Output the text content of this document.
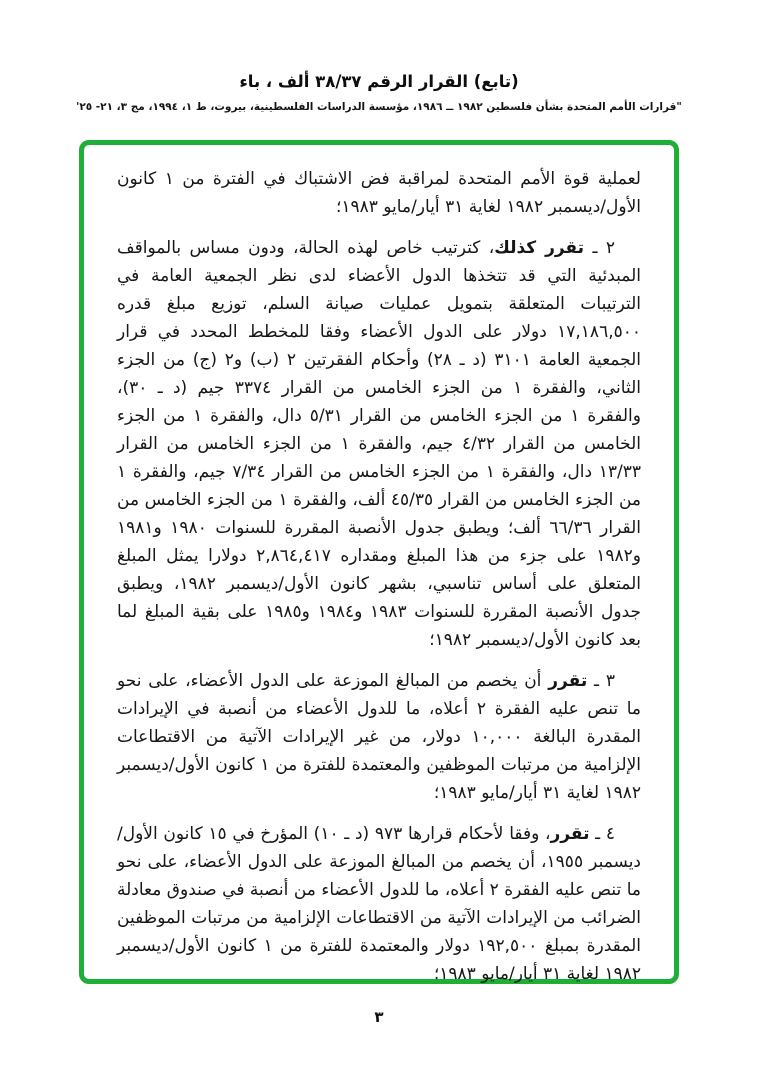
(تابع) القرار الرقم ٣٨/٣٧ ألف ، باء
"قرارات الأمم المتحدة بشأن فلسطين ١٩٨٢ ــ ١٩٨٦، مؤسسة الدراسات الفلسطينية، بيروت، ط ١، ١٩٩٤، مج ٣، ٢١- ٢٥'

لعملية قوة الأمم المتحدة لمراقبة فض الاشتباك في الفترة من ١ كانون الأول/ديسمبر ١٩٨٢ لغاية ٣١ أيار/مايو ١٩٨٣؛

٢ ـ تقرر كذلك، كترتيب خاص لهذه الحالة، ودون مساس بالمواقف المبدئية التي قد تتخذها الدول الأعضاء لدى نظر الجمعية العامة في الترتيبات المتعلقة بتمويل عمليات صيانة السلم، توزيع مبلغ قدره ١٧,١٨٦,٥٠٠ دولار على الدول الأعضاء وفقا للمخطط المحدد في قرار الجمعية العامة ٣١٠١ (د ـ ٢٨) وأحكام الفقرتين ٢ (ب) و٢ (ج) من الجزء الثاني، والفقرة ١ من الجزء الخامس من القرار ٣٣٧٤ جيم (د ـ ٣٠)، والفقرة ١ من الجزء الخامس من القرار ٥/٣١ دال، والفقرة ١ من الجزء الخامس من القرار ٤/٣٢ جيم، والفقرة ١ من الجزء الخامس من القرار ١٣/٣٣ دال، والفقرة ١ من الجزء الخامس من القرار ٧/٣٤ جيم، والفقرة ١ من الجزء الخامس من القرار ٤٥/٣٥ ألف، والفقرة ١ من الجزء الخامس من القرار ٦٦/٣٦ ألف؛ ويطبق جدول الأنصبة المقررة للسنوات ١٩٨٠ و١٩٨١ و١٩٨٢ على جزء من هذا المبلغ ومقداره ٢,٨٦٤,٤١٧ دولارا يمثل المبلغ المتعلق على أساس تناسبي، بشهر كانون الأول/ديسمبر ١٩٨٢، ويطبق جدول الأنصبة المقررة للسنوات ١٩٨٣ و١٩٨٤ و١٩٨٥ على بقية المبلغ لما بعد كانون الأول/ديسمبر ١٩٨٢؛

٣ ـ تقرر أن يخصم من المبالغ الموزعة على الدول الأعضاء، على نحو ما تنص عليه الفقرة ٢ أعلاه، ما للدول الأعضاء من أنصبة في الإيرادات المقدرة البالغة ١٠,٠٠٠ دولار، من غير الإيرادات الآتية من الاقتطاعات الإلزامية من مرتبات الموظفين والمعتمدة للفترة من ١ كانون الأول/ديسمبر ١٩٨٢ لغاية ٣١ أيار/مايو ١٩٨٣؛

٤ ـ تقرر، وفقا لأحكام قرارها ٩٧٣ (د ـ ١٠) المؤرخ في ١٥ كانون الأول/ديسمبر ١٩٥٥، أن يخصم من المبالغ الموزعة على الدول الأعضاء، على نحو ما تنص عليه الفقرة ٢ أعلاه، ما للدول الأعضاء من أنصبة في صندوق معادلة الضرائب من الإيرادات الآتية من الاقتطاعات الإلزامية من مرتبات الموظفين المقدرة بمبلغ ١٩٢,٥٠٠ دولار والمعتمدة للفترة من ١ كانون الأول/ديسمبر ١٩٨٢ لغاية ٣١ أيار/مايو ١٩٨٣؛

٣
